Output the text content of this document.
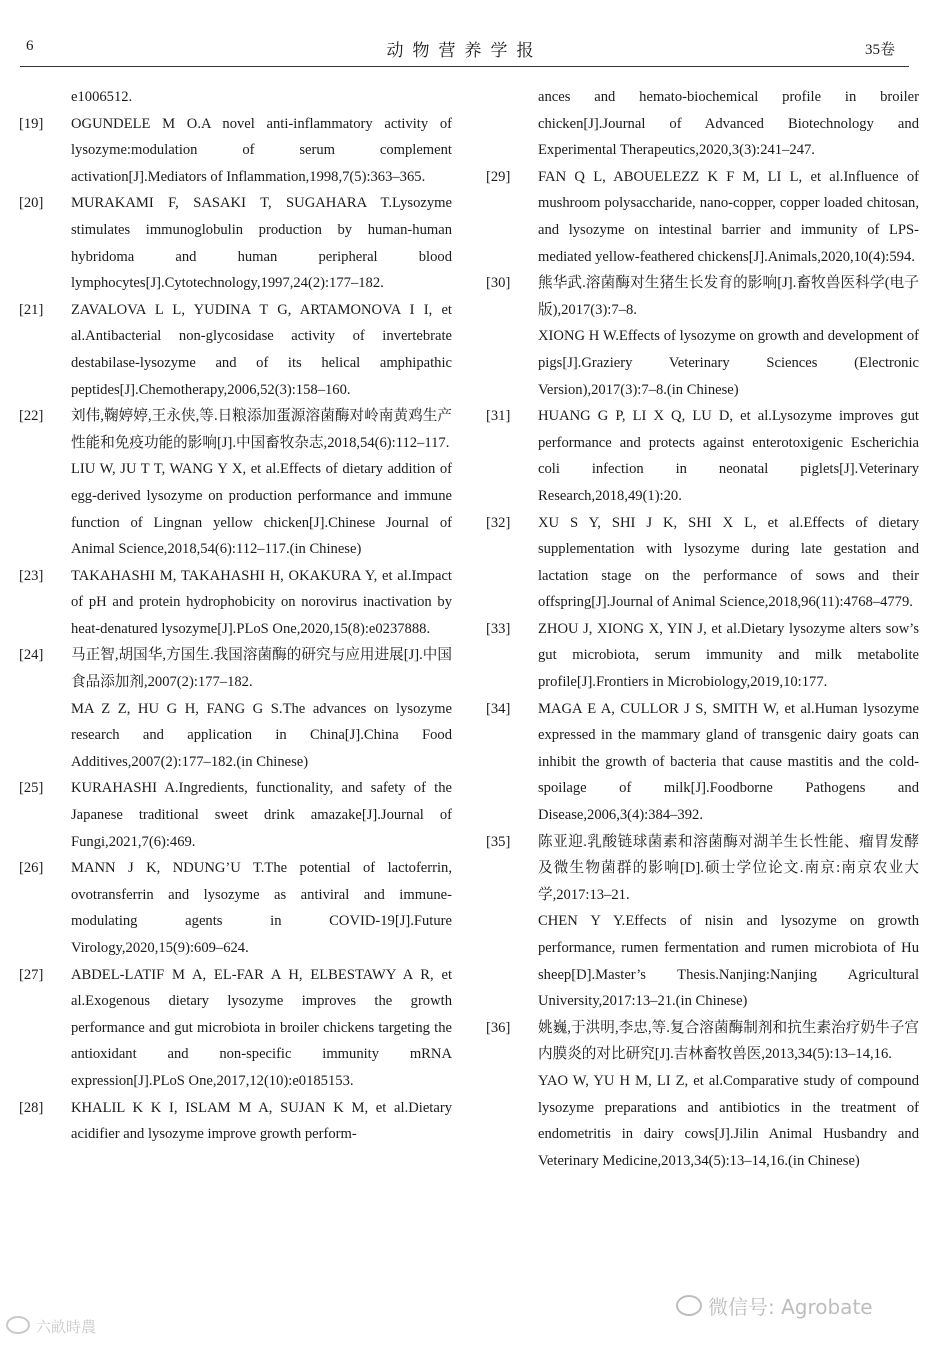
6	动物营养学报	35卷
e1006512.
[19] OGUNDELE M O.A novel anti-inflammatory activity of lysozyme:modulation of serum complement activation[J].Mediators of Inflammation,1998,7(5):363–365.
[20] MURAKAMI F, SASAKI T, SUGAHARA T.Lysozyme stimulates immunoglobulin production by human-human hybridoma and human peripheral blood lymphocytes[J].Cytotechnology,1997,24(2):177–182.
[21] ZAVALOVA L L, YUDINA T G, ARTAMONOVA I I, et al.Antibacterial non-glycosidase activity of invertebrate destabilase-lysozyme and of its helical amphipathic peptides[J].Chemotherapy,2006,52(3):158–160.
[22] 刘伟,鞠婷婷,王永侠,等.日粮添加蛋源溶菌酶对岭南黄鸡生产性能和免疫功能的影响[J].中国畜牧杂志,2018,54(6):112–117.
LIU W, JU T T, WANG Y X, et al.Effects of dietary addition of egg-derived lysozyme on production performance and immune function of Lingnan yellow chicken[J].Chinese Journal of Animal Science,2018,54(6):112–117.(in Chinese)
[23] TAKAHASHI M, TAKAHASHI H, OKAKURA Y, et al.Impact of pH and protein hydrophobicity on norovirus inactivation by heat-denatured lysozyme[J].PLoS One,2020,15(8):e0237888.
[24] 马正智,胡国华,方国生.我国溶菌酶的研究与应用进展[J].中国食品添加剂,2007(2):177–182.
MA Z Z, HU G H, FANG G S.The advances on lysozyme research and application in China[J].China Food Additives,2007(2):177–182.(in Chinese)
[25] KURAHASHI A.Ingredients, functionality, and safety of the Japanese traditional sweet drink amazake[J].Journal of Fungi,2021,7(6):469.
[26] MANN J K, NDUNG’U T.The potential of lactoferrin, ovotransferrin and lysozyme as antiviral and immune-modulating agents in COVID-19[J].Future Virology,2020,15(9):609–624.
[27] ABDEL-LATIF M A, EL-FAR A H, ELBESTAWY A R, et al.Exogenous dietary lysozyme improves the growth performance and gut microbiota in broiler chickens targeting the antioxidant and non-specific immunity mRNA expression[J].PLoS One,2017,12(10):e0185153.
[28] KHALIL K K I, ISLAM M A, SUJAN K M, et al.Dietary acidifier and lysozyme improve growth perform-
ances and hemato-biochemical profile in broiler chicken[J].Journal of Advanced Biotechnology and Experimental Therapeutics,2020,3(3):241–247.
[29] FAN Q L, ABOUELEZZ K F M, LI L, et al.Influence of mushroom polysaccharide, nano-copper, copper loaded chitosan, and lysozyme on intestinal barrier and immunity of LPS-mediated yellow-feathered chickens[J].Animals,2020,10(4):594.
[30] 熊华武.溶菌酶对生猪生长发育的影响[J].畜牧兽医科学(电子版),2017(3):7–8.
XIONG H W.Effects of lysozyme on growth and development of pigs[J].Graziery Veterinary Sciences (Electronic Version),2017(3):7–8.(in Chinese)
[31] HUANG G P, LI X Q, LU D, et al.Lysozyme improves gut performance and protects against enterotoxigenic Escherichia coli infection in neonatal piglets[J].Veterinary Research,2018,49(1):20.
[32] XU S Y, SHI J K, SHI X L, et al.Effects of dietary supplementation with lysozyme during late gestation and lactation stage on the performance of sows and their offspring[J].Journal of Animal Science,2018,96(11):4768–4779.
[33] ZHOU J, XIONG X, YIN J, et al.Dietary lysozyme alters sow’s gut microbiota, serum immunity and milk metabolite profile[J].Frontiers in Microbiology,2019,10:177.
[34] MAGA E A, CULLOR J S, SMITH W, et al.Human lysozyme expressed in the mammary gland of transgenic dairy goats can inhibit the growth of bacteria that cause mastitis and the cold-spoilage of milk[J].Foodborne Pathogens and Disease,2006,3(4):384–392.
[35] 陈亚迎.乳酸链球菌素和溶菌酶对湖羊生长性能、瘤胃发酵及微生物菌群的影响[D].硕士学位论文.南京:南京农业大学,2017:13–21.
CHEN Y Y.Effects of nisin and lysozyme on growth performance, rumen fermentation and rumen microbiota of Hu sheep[D].Master’s Thesis.Nanjing:Nanjing Agricultural University,2017:13–21.(in Chinese)
[36] 姚巍,于洪明,李忠,等.复合溶菌酶制剂和抗生素治疗奶牛子宫内膜炎的对比研究[J].吉林畜牧兽医,2013,34(5):13–14,16.
YAO W, YU H M, LI Z, et al.Comparative study of compound lysozyme preparations and antibiotics in the treatment of endometritis in dairy cows[J].Jilin Animal Husbandry and Veterinary Medicine,2013,34(5):13–14,16.(in Chinese)
六畝時農
微信号: Agrobate
